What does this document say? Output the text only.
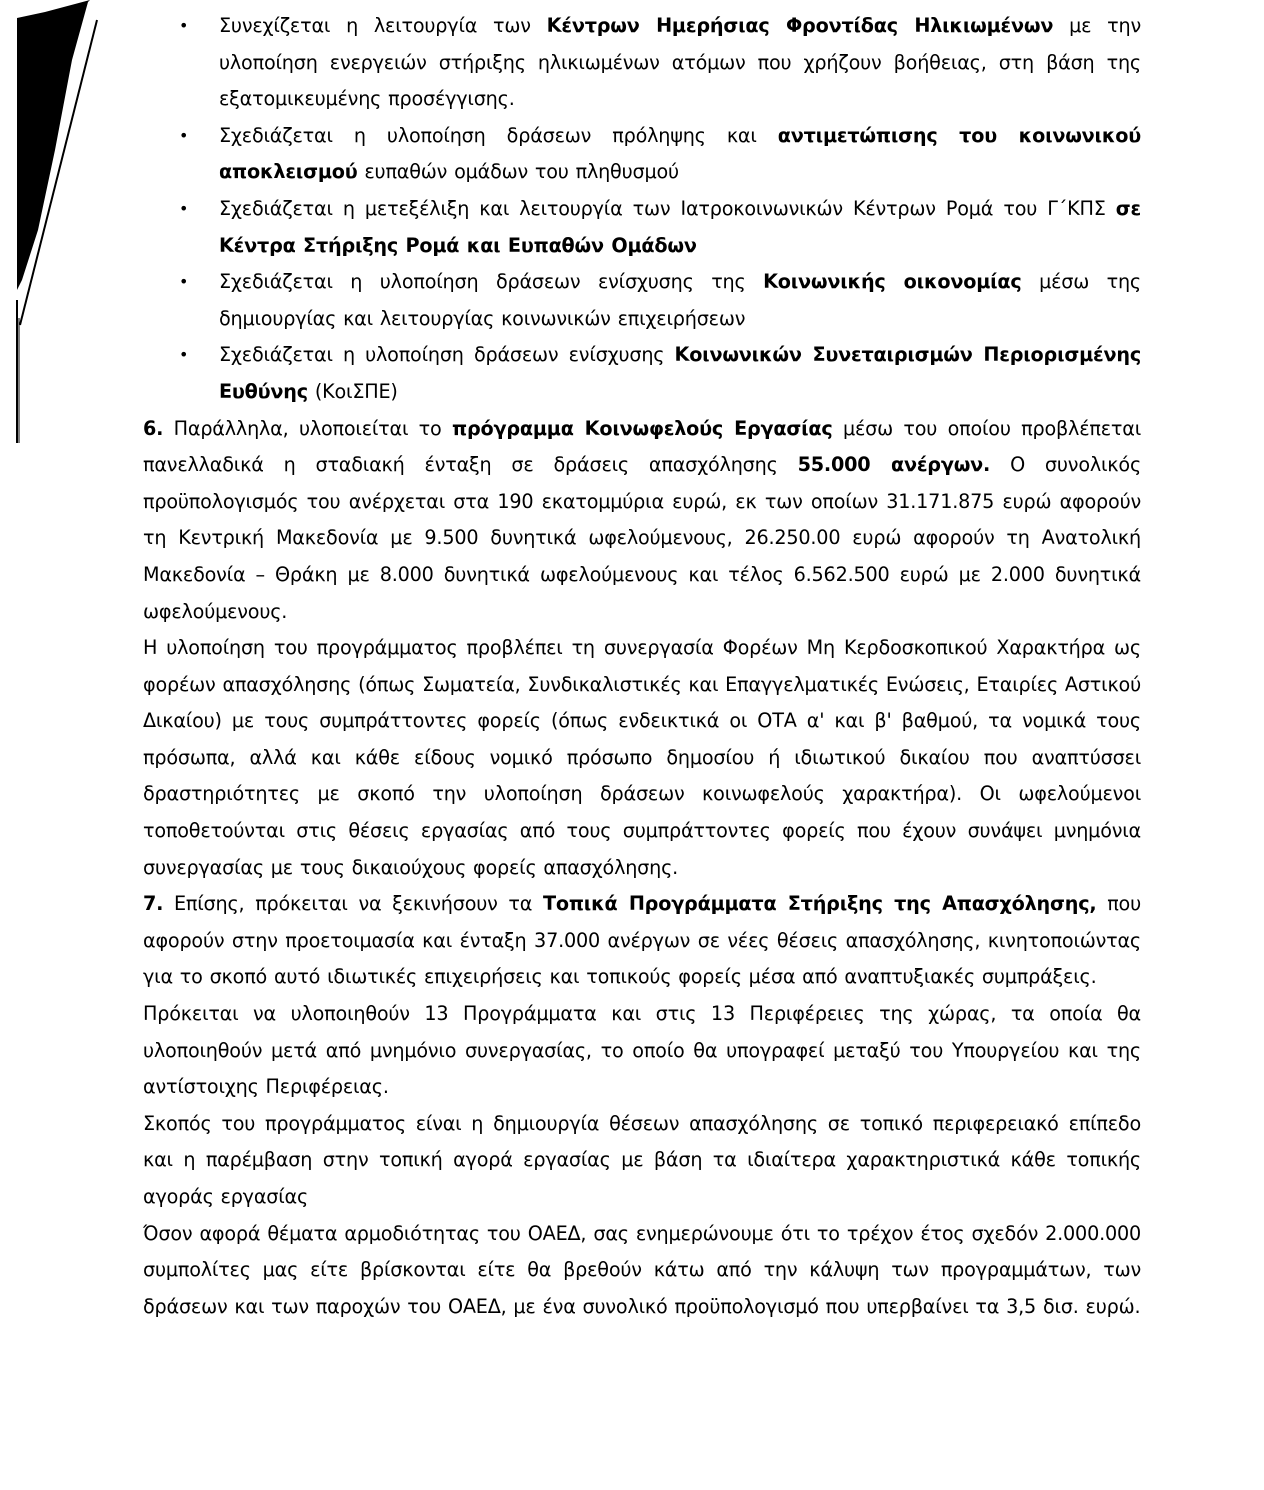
• Συνεχίζεται η λειτουργία των Κέντρων Ημερήσιας Φροντίδας Ηλικιωμένων με την υλοποίηση ενεργειών στήριξης ηλικιωμένων ατόμων που χρήζουν βοήθειας, στη βάση της εξατομικευμένης προσέγγισης.
• Σχεδιάζεται η υλοποίηση δράσεων πρόληψης και αντιμετώπισης του κοινωνικού αποκλεισμού ευπαθών ομάδων του πληθυσμού
• Σχεδιάζεται η μετεξέλιξη και λειτουργία των Ιατροκοινωνικών Κέντρων Ρομά του Γ΄ΚΠΣ σε Κέντρα Στήριξης Ρομά και Ευπαθών Ομάδων
• Σχεδιάζεται η υλοποίηση δράσεων ενίσχυσης της Κοινωνικής οικονομίας μέσω της δημιουργίας και λειτουργίας κοινωνικών επιχειρήσεων
• Σχεδιάζεται η υλοποίηση δράσεων ενίσχυσης Κοινωνικών Συνεταιρισμών Περιορισμένης Ευθύνης (ΚοιΣΠΕ)

6. Παράλληλα, υλοποιείται το πρόγραμμα Κοινωφελούς Εργασίας μέσω του οποίου προβλέπεται πανελλαδικά η σταδιακή ένταξη σε δράσεις απασχόλησης 55.000 ανέργων. Ο συνολικός προϋπολογισμός του ανέρχεται στα 190 εκατομμύρια ευρώ, εκ των οποίων 31.171.875 ευρώ αφορούν τη Κεντρική Μακεδονία με 9.500 δυνητικά ωφελούμενους, 26.250.00 ευρώ αφορούν τη Ανατολική Μακεδονία – Θράκη με 8.000 δυνητικά ωφελούμενους και τέλος 6.562.500 ευρώ με 2.000 δυνητικά ωφελούμενους.

Η υλοποίηση του προγράμματος προβλέπει τη συνεργασία Φορέων Μη Κερδοσκοπικού Χαρακτήρα ως φορέων απασχόλησης (όπως Σωματεία, Συνδικαλιστικές και Επαγγελματικές Ενώσεις, Εταιρίες Αστικού Δικαίου) με τους συμπράττοντες φορείς (όπως ενδεικτικά οι ΟΤΑ α' και β' βαθμού, τα νομικά τους πρόσωπα, αλλά και κάθε είδους νομικό πρόσωπο δημοσίου ή ιδιωτικού δικαίου που αναπτύσσει δραστηριότητες με σκοπό την υλοποίηση δράσεων κοινωφελούς χαρακτήρα). Οι ωφελούμενοι τοποθετούνται στις θέσεις εργασίας από τους συμπράττοντες φορείς που έχουν συνάψει μνημόνια συνεργασίας με τους δικαιούχους φορείς απασχόλησης.

7. Επίσης, πρόκειται να ξεκινήσουν τα Τοπικά Προγράμματα Στήριξης της Απασχόλησης, που αφορούν στην προετοιμασία και ένταξη 37.000 ανέργων σε νέες θέσεις απασχόλησης, κινητοποιώντας για το σκοπό αυτό ιδιωτικές επιχειρήσεις και τοπικούς φορείς μέσα από αναπτυξιακές συμπράξεις.

Πρόκειται να υλοποιηθούν 13 Προγράμματα και στις 13 Περιφέρειες της χώρας, τα οποία θα υλοποιηθούν μετά από μνημόνιο συνεργασίας, το οποίο θα υπογραφεί μεταξύ του Υπουργείου και της αντίστοιχης Περιφέρειας.

Σκοπός του προγράμματος είναι η δημιουργία θέσεων απασχόλησης σε τοπικό περιφερειακό επίπεδο και η παρέμβαση στην τοπική αγορά εργασίας με βάση τα ιδιαίτερα χαρακτηριστικά κάθε τοπικής αγοράς εργασίας

Όσον αφορά θέματα αρμοδιότητας του ΟΑΕΔ, σας ενημερώνουμε ότι το τρέχον έτος σχεδόν 2.000.000 συμπολίτες μας είτε βρίσκονται είτε θα βρεθούν κάτω από την κάλυψη των προγραμμάτων, των δράσεων και των παροχών του ΟΑΕΔ, με ένα συνολικό προϋπολογισμό που υπερβαίνει τα 3,5 δισ. ευρώ.
